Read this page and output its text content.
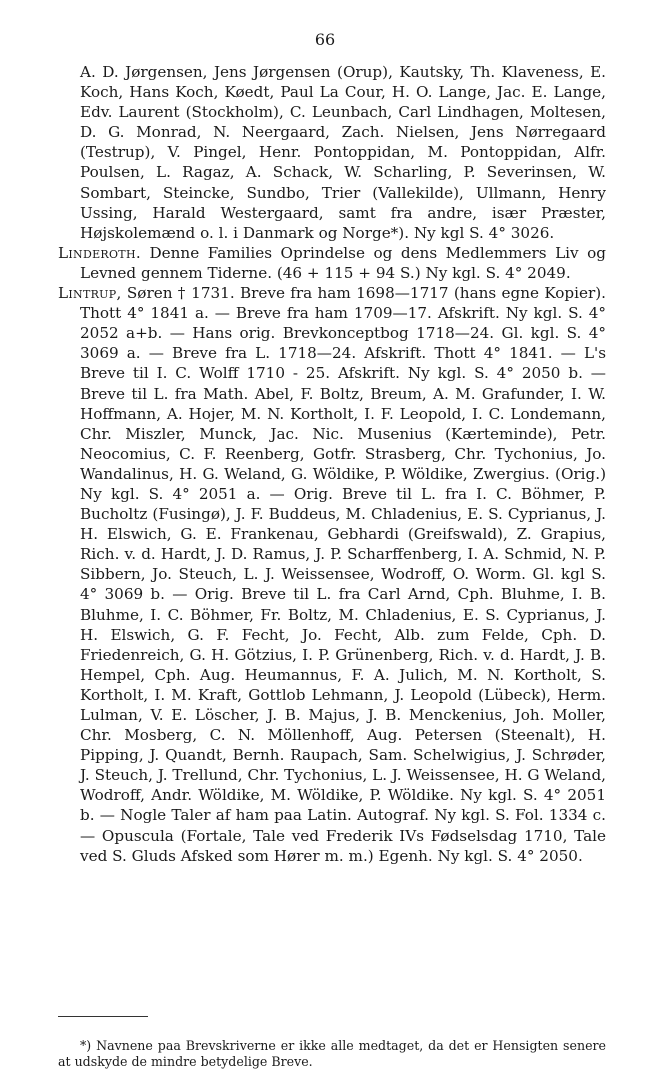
66

A. D. Jørgensen, Jens Jørgensen (Orup), Kautsky, Th. Klaveness, E. Koch, Hans Koch, Køedt, Paul La Cour, H. O. Lange, Jac. E. Lange, Edv. Laurent (Stockholm), C. Leunbach, Carl Lindhagen, Moltesen, D. G. Monrad, N. Neergaard, Zach. Nielsen, Jens Nørregaard (Testrup), V. Pingel, Henr. Pontoppidan, M. Pontoppidan, Alfr. Poulsen, L. Ragaz, A. Schack, W. Scharling, P. Severinsen, W. Sombart, Steincke, Sundbo, Trier (Vallekilde), Ullmann, Henry Ussing, Harald Westergaard, samt fra andre, især Præster, Højskolemænd o. l. i Danmark og Norge*). Ny kgl S. 4° 3026.

Linderoth. Denne Families Oprindelse og dens Medlemmers Liv og Levned gennem Tiderne. (46 + 115 + 94 S.) Ny kgl. S. 4° 2049.

Lintrup, Søren † 1731. Breve fra ham 1698—1717 (hans egne Kopier). Thott 4° 1841 a. — Breve fra ham 1709—17. Afskrift. Ny kgl. S. 4° 2052 a+b. — Hans orig. Brevkonceptbog 1718—24. Gl. kgl. S. 4° 3069 a. — Breve fra L. 1718—24. Afskrift. Thott 4° 1841. — L's Breve til I. C. Wolff 1710 - 25. Afskrift. Ny kgl. S. 4° 2050 b. — Breve til L. fra Math. Abel, F. Boltz, Breum, A. M. Grafunder, I. W. Hoffmann, A. Hojer, M. N. Kortholt, I. F. Leopold, I. C. Londemann, Chr. Miszler, Munck, Jac. Nic. Musenius (Kærteminde), Petr. Neocomius, C. F. Reenberg, Gotfr. Strasberg, Chr. Tychonius, Jo. Wandalinus, H. G. Weland, G. Wöldike, P. Wöldike, Zwergius. (Orig.) Ny kgl. S. 4° 2051 a. — Orig. Breve til L. fra I. C. Böhmer, P. Bucholtz (Fusingø), J. F. Buddeus, M. Chladenius, E. S. Cyprianus, J. H. Elswich, G. E. Frankenau, Gebhardi (Greifswald), Z. Grapius, Rich. v. d. Hardt, J. D. Ramus, J. P. Scharffenberg, I. A. Schmid, N. P. Sibbern, Jo. Steuch, L. J. Weissensee, Wodroff, O. Worm. Gl. kgl S. 4° 3069 b. — Orig. Breve til L. fra Carl Arnd, Cph. Bluhme, I. B. Bluhme, I. C. Böhmer, Fr. Boltz, M. Chladenius, E. S. Cyprianus, J. H. Elswich, G. F. Fecht, Jo. Fecht, Alb. zum Felde, Cph. D. Friedenreich, G. H. Götzius, I. P. Grünenberg, Rich. v. d. Hardt, J. B. Hempel, Cph. Aug. Heumannus, F. A. Julich, M. N. Kortholt, S. Kortholt, I. M. Kraft, Gottlob Lehmann, J. Leopold (Lübeck), Herm. Lulman, V. E. Löscher, J. B. Majus, J. B. Menckenius, Joh. Moller, Chr. Mosberg, C. N. Möllenhoff, Aug. Petersen (Steenalt), H. Pipping, J. Quandt, Bernh. Raupach, Sam. Schelwigius, J. Schrøder, J. Steuch, J. Trellund, Chr. Tychonius, L. J. Weissensee, H. G Weland, Wodroff, Andr. Wöldike, M. Wöldike, P. Wöldike. Ny kgl. S. 4° 2051 b. — Nogle Taler af ham paa Latin. Autograf. Ny kgl. S. Fol. 1334 c. — Opuscula (Fortale, Tale ved Frederik IVs Fødselsdag 1710, Tale ved S. Gluds Afsked som Hører m. m.) Egenh. Ny kgl. S. 4° 2050.

*) Navnene paa Brevskriverne er ikke alle medtaget, da det er Hensigten senere at udskyde de mindre betydelige Breve.
